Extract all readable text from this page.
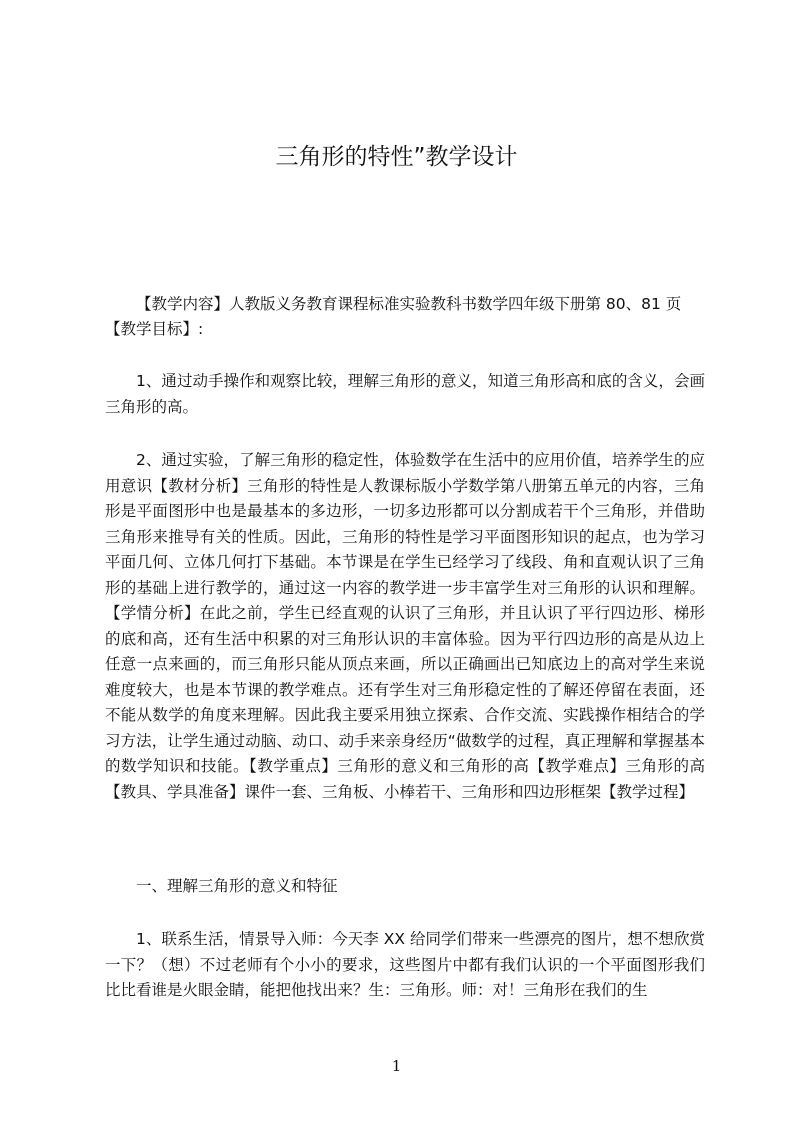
三角形的特性”教学设计

【教学内容】人教版义务教育课程标准实验教科书数学四年级下册第 80、81 页

【教学目标】:

1、通过动手操作和观察比较，理解三角形的意义，知道三角形高和底的含义，会画三角形的高。

2、通过实验，了解三角形的稳定性，体验数学在生活中的应用价值，培养学生的应用意识【教材分析】三角形的特性是人教课标版小学数学第八册第五单元的内容，三角形是平面图形中也是最基本的多边形，一切多边形都可以分割成若干个三角形，并借助三角形来推导有关的性质。因此，三角形的特性是学习平面图形知识的起点，也为学习平面几何、立体几何打下基础。本节课是在学生已经学习了线段、角和直观认识了三角形的基础上进行教学的，通过这一内容的教学进一步丰富学生对三角形的认识和理解。【学情分析】在此之前，学生已经直观的认识了三角形，并且认识了平行四边形、梯形的底和高，还有生活中积累的对三角形认识的丰富体验。因为平行四边形的高是从边上任意一点来画的，而三角形只能从顶点来画，所以正确画出已知底边上的高对学生来说难度较大，也是本节课的教学难点。还有学生对三角形稳定性的了解还停留在表面，还不能从数学的角度来理解。因此我主要采用独立探索、合作交流、实践操作相结合的学习方法，让学生通过动脑、动口、动手来亲身经历“做数学的过程，真正理解和掌握基本的数学知识和技能。【教学重点】三角形的意义和三角形的高【教学难点】三角形的高【教具、学具准备】课件一套、三角板、小棒若干、三角形和四边形框架【教学过程】

一、理解三角形的意义和特征

1、联系生活，情景导入师：今天李 XX 给同学们带来一些漂亮的图片，想不想欣赏一下？（想）不过老师有个小小的要求，这些图片中都有我们认识的一个平面图形我们比比看谁是火眼金睛，能把他找出来？生：三角形。师：对！三角形在我们的生

1
